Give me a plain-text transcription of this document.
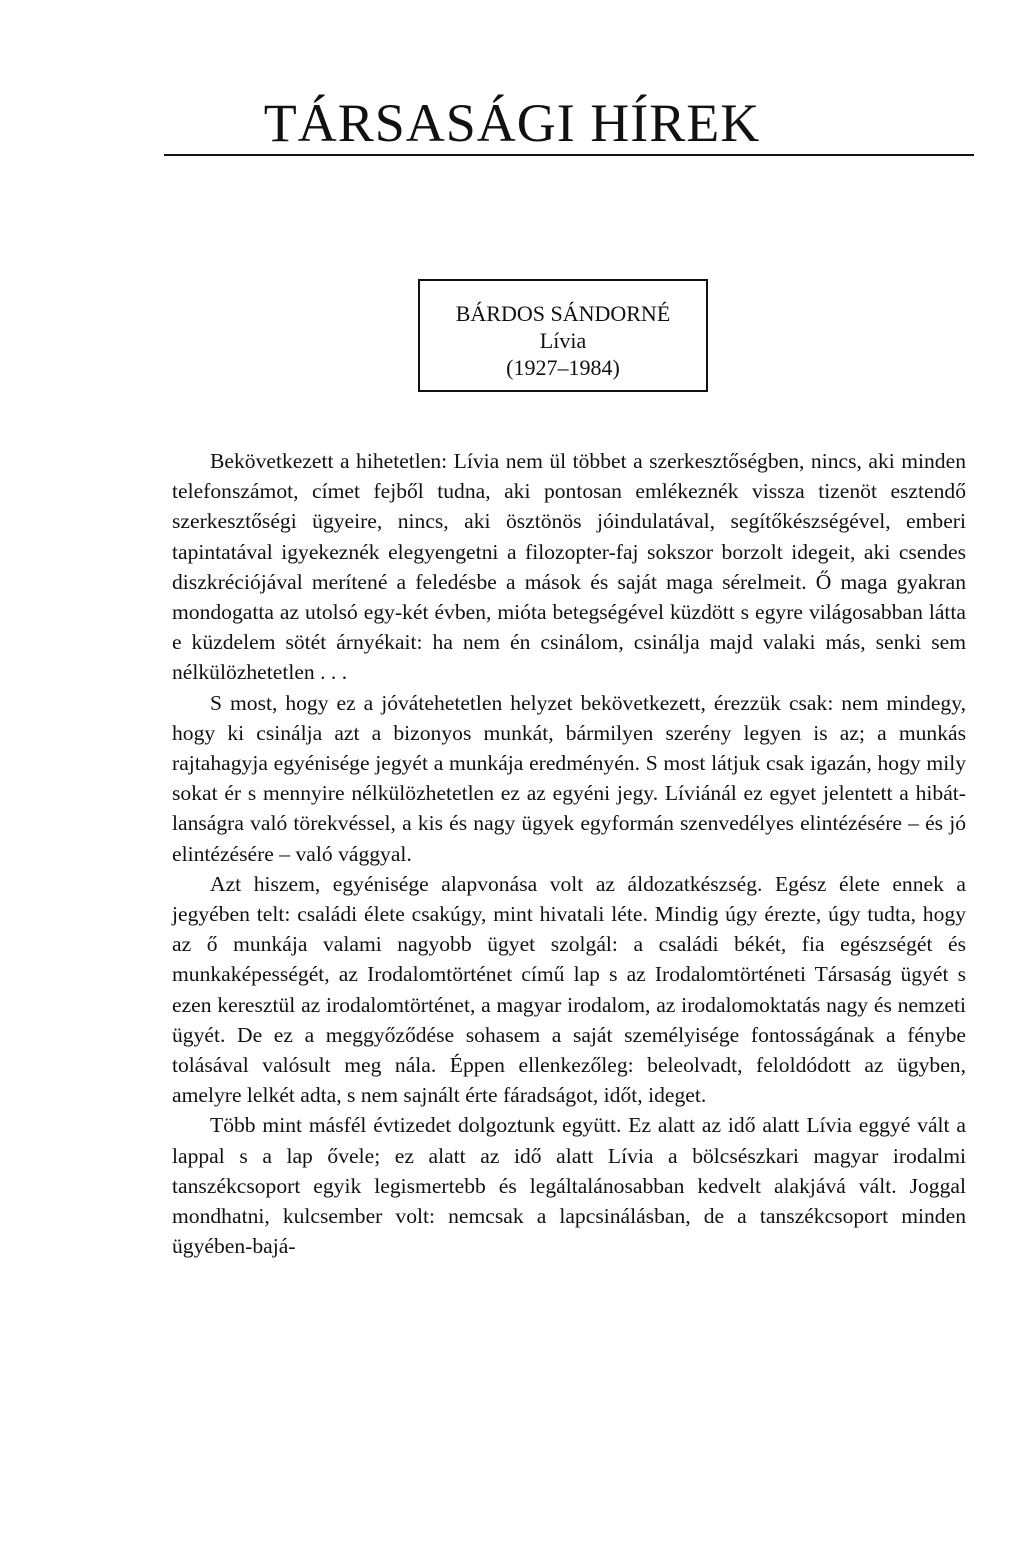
TÁRSASÁGI HÍREK
BÁRDOS SÁNDORNÉ
Lívia
(1927–1984)

Bekövetkezett a hihetetlen: Lívia nem ül többet a szerkesztőségben, nincs, aki minden telefonszámot, címet fejből tudna, aki pontosan emlékeznék vissza tizenöt esztendő szerkesztőségi ügyeire, nincs, aki ösztönös jóindulatával, segítőkészségével, emberi tapintatával igyekeznék elegyengetni a filozopter-faj sokszor borzolt idegeit, aki csendes diszkréciójával merítené a feledésbe a mások és saját maga sérelmeit. Ő maga gyakran mondogatta az utolsó egy-két évben, mióta betegségével küzdött s egyre világosabban látta e küzdelem sötét árnyékait: ha nem én csinálom, csinálja majd valaki más, senki sem nélkülözhetetlen . . .

S most, hogy ez a jóvátehetetlen helyzet bekövetkezett, érezzük csak: nem mindegy, hogy ki csinálja azt a bizonyos munkát, bármilyen szerény legyen is az; a munkás rajtahagyja egyénisége jegyét a munkája eredményén. S most látjuk csak igazán, hogy mily sokat ér s mennyire nélkülözhetetlen ez az egyéni jegy. Líviánál ez egyet jelentett a hibátlanságra való törekvéssel, a kis és nagy ügyek egyformán szenvedélyes elintézésére – és jó elintézésére – való vággyal.

Azt hiszem, egyénisége alapvonása volt az áldozatkészség. Egész élete ennek a jegyében telt: családi élete csakúgy, mint hivatali léte. Mindig úgy érezte, úgy tudta, hogy az ő munkája valami nagyobb ügyet szolgál: a családi békét, fia egészségét és munkaképességét, az Irodalomtörténet című lap s az Irodalomtörténeti Társaság ügyét s ezen keresztül az irodalomtörténet, a magyar irodalom, az irodalomoktatás nagy és nemzeti ügyét. De ez a meggyőződése sohasem a saját személyisége fontosságának a fénybe tolásával valósult meg nála. Éppen ellenkezőleg: beleolvadt, feloldódott az ügyben, amelyre lelkét adta, s nem sajnált érte fáradságot, időt, ideget.

Több mint másfél évtizedet dolgoztunk együtt. Ez alatt az idő alatt Lívia eggyé vált a lappal s a lap ővele; ez alatt az idő alatt Lívia a bölcsészkari magyar irodalmi tanszékcsoport egyik legismertebb és legáltalánosabban kedvelt alakjává vált. Joggal mondhatni, kulcsember volt: nemcsak a lapcsinálásban, de a tanszékcsoport minden ügyében-bajá-
